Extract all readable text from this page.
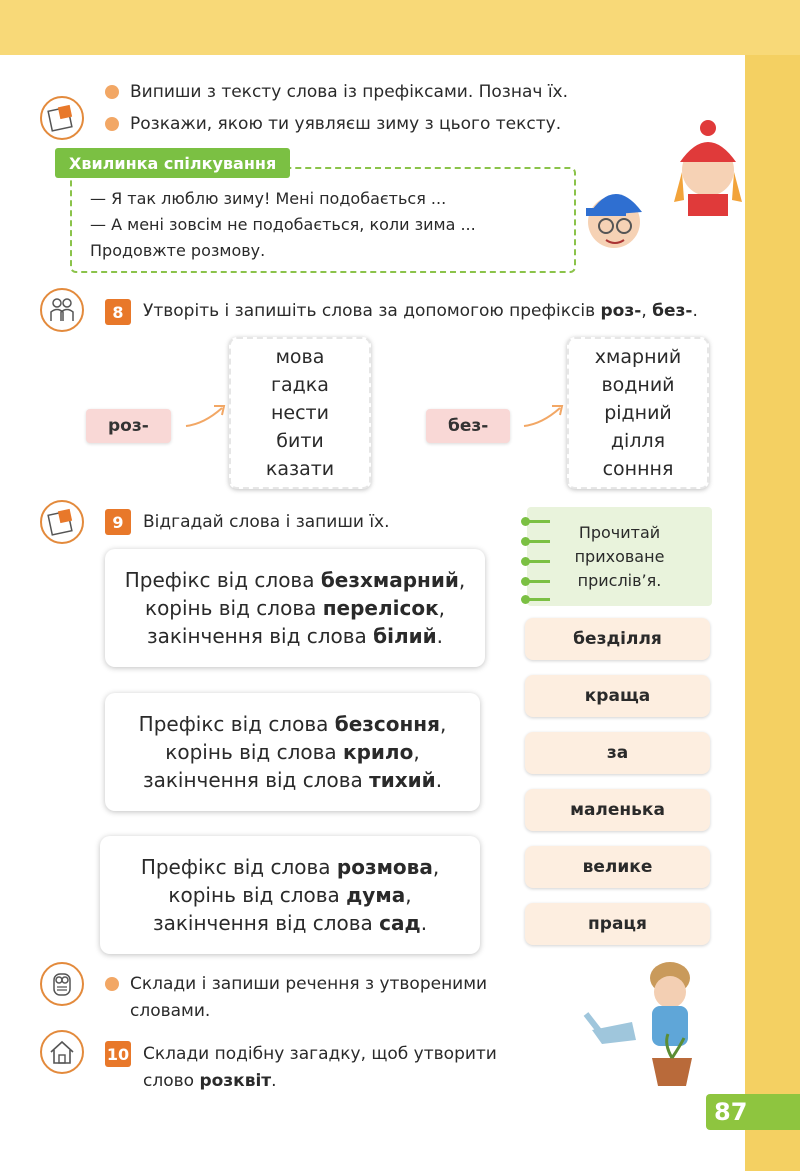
Випиши з тексту слова із префіксами. Познач їх.
Розкажи, якою ти уявляєш зиму з цього тексту.
— Я так люблю зиму! Мені подобається ...
— А мені зовсім не подобається, коли зима ...
Продовжте розмову.
Хвилинка спілкування
8	Утворіть і запишіть слова за допомогою префіксів роз-, без-.
роз-
мова
гадка
нести
бити
казати
без-
хмарний
водний
рідний
ділля
сонння
9	Відгадай слова і запиши їх.
Префікс від слова безхмарний,
корінь від слова перелісок,
закінчення від слова білий.
Префікс від слова безсоння,
корінь від слова крило,
закінчення від слова тихий.
Префікс від слова розмова,
корінь від слова дума,
закінчення від слова сад.
Прочитай
приховане
прислів’я.
безділля
краща
за
маленька
велике
праця
Склади і запиши речення з утвореними
словами.
10 Склади подібну загадку, щоб утворити
слово розквіт.
87
